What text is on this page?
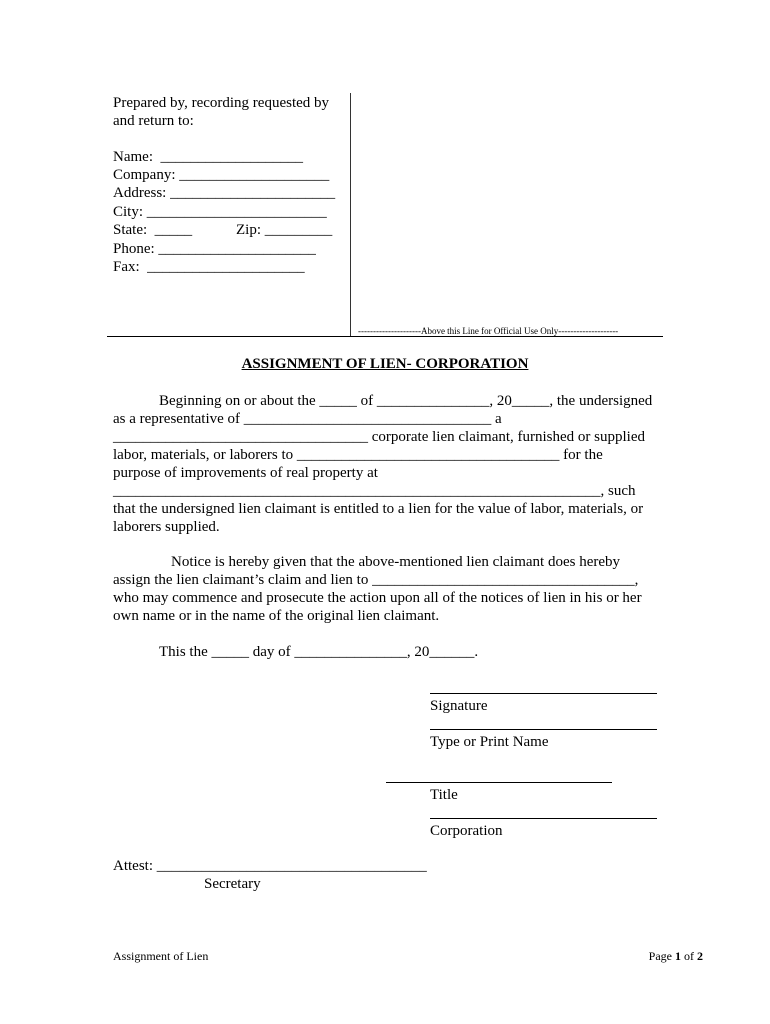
Prepared by, recording requested by
and return to:
Name:  ___________________
Company: ____________________
Address: ______________________
City: ________________________
State:  _____	Zip: _________
Phone: _____________________
Fax:  _____________________
---------------------Above this Line for Official Use Only--------------------
ASSIGNMENT OF LIEN- CORPORATION
Beginning on or about the _____ of _______________, 20_____, the undersigned
as a representative of _________________________________ a
__________________________________ corporate lien claimant, furnished or supplied
labor, materials, or laborers to ___________________________________ for the
purpose of improvements of real property at
_________________________________________________________________, such
that the undersigned lien claimant is entitled to a lien for the value of labor, materials, or
laborers supplied.
Notice is hereby given that the above-mentioned lien claimant does hereby
assign the lien claimant’s claim and lien to ___________________________________,
who may commence and prosecute the action upon all of the notices of lien in his or her
own name or in the name of the original lien claimant.
This the _____ day of _______________, 20______.
Signature
Type or Print Name
Title
Corporation
Attest: ____________________________________
Secretary
Assignment of Lien	Page 1 of 2
